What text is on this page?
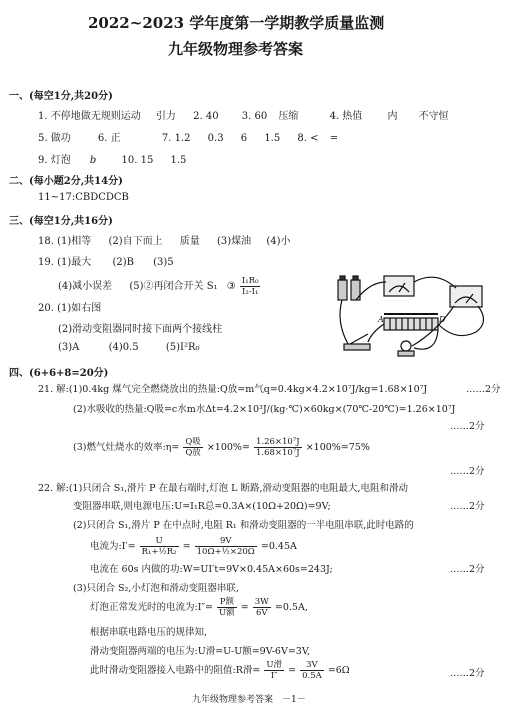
2022~2023 学年度第一学期教学质量监测
九年级物理参考答案
一、(每空1分,共20分)
1. 不停地做无规则运动 引力 2. 40 3. 60 压缩	4. 热值	内 不守恒
5. 做功	6. 正	7. 1.2 0.3 6 1.5 8. < =
9. 灯泡 b	10. 15 1.5
二、(每小题2分,共14分)
11~17:CBDCDCB
三、(每空1分,共16分)
18. (1)相等 (2)自下而上 质量 (3)煤油 (4)小
19. (1)最大 (2)B (3)5
(4)减小误差 (5)②再闭合开关 S₁ ③ $\frac{\text{I₁R₀}}{\text{I₂-I₁}}$
20. (1)如右图
(2)滑动变阻器同时接下面两个接线柱
(3)A	(4)0.5	(5)I²R₀
A	D
四、(6+6+8=20分)
21. 解:(1)0.4kg 煤气完全燃烧放出的热量:Q放=m气q=0.4kg×4.2×10⁷J/kg=1.68×10⁷J	……2分
(2)水吸收的热量:Q吸=c水m水Δt=4.2×10³J/(kg·℃)×60kg×(70℃-20℃)=1.26×10⁷J
……2分
(3)燃气灶烧水的效率:η= $\frac{\text{Q吸}}{\text{Q放}} \times 100\%= \frac{\text{1.26×10⁷J}}{\text{1.68×10⁷J}} \times 100\%=75\%$
……2分
22. 解:(1)只闭合 S₁,滑片 P 在最右端时,灯泡 L 断路,滑动变阻器的电阻最大,电阻和滑动
变阻器串联,则电源电压:U=I₁R总=0.3A×(10Ω+20Ω)=9V;	……2分
(2)只闭合 S₁,滑片 P 在中点时,电阻 R₁ 和滑动变阻器的一半电阻串联,此时电路的
电流为:I′= $\frac{U}{\text{R₁+½R₂}} = \frac{9V}{\text{10Ω+½×20Ω}} =0.45A$
电流在 60s 内做的功:W=UI′t=9V×0.45A×60s=243J;	……2分
(3)只闭合 S₂,小灯泡和滑动变阻器串联,
灯泡正常发光时的电流为:I″= $\frac{\text{P额}}{\text{U额}} = \frac{3W}{6V} =0.5A$,
根据串联电路电压的规律知,
滑动变阻器两端的电压为:U滑=U-U额=9V-6V=3V,
此时滑动变阻器接入电路中的阻值:R滑= $\frac{\text{U滑}}{I''} = \frac{3V}{0.5A} =6\Omega$	……2分
九年级物理参考答案　－1－
